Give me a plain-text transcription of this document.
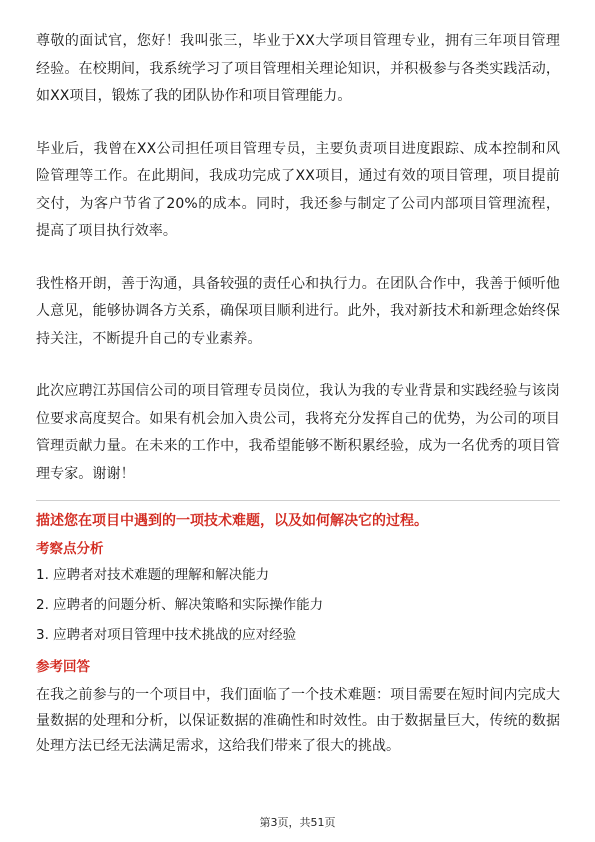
尊敬的面试官，您好！我叫张三，毕业于XX大学项目管理专业，拥有三年项目管理经验。在校期间，我系统学习了项目管理相关理论知识，并积极参与各类实践活动，如XX项目，锻炼了我的团队协作和项目管理能力。

毕业后，我曾在XX公司担任项目管理专员，主要负责项目进度跟踪、成本控制和风险管理等工作。在此期间，我成功完成了XX项目，通过有效的项目管理，项目提前交付，为客户节省了20%的成本。同时，我还参与制定了公司内部项目管理流程，提高了项目执行效率。

我性格开朗，善于沟通，具备较强的责任心和执行力。在团队合作中，我善于倾听他人意见，能够协调各方关系，确保项目顺利进行。此外，我对新技术和新理念始终保持关注，不断提升自己的专业素养。

此次应聘江苏国信公司的项目管理专员岗位，我认为我的专业背景和实践经验与该岗位要求高度契合。如果有机会加入贵公司，我将充分发挥自己的优势，为公司的项目管理贡献力量。在未来的工作中，我希望能够不断积累经验，成为一名优秀的项目管理专家。谢谢！

描述您在项目中遇到的一项技术难题，以及如何解决它的过程。
考察点分析
1. 应聘者对技术难题的理解和解决能力
2. 应聘者的问题分析、解决策略和实际操作能力
3. 应聘者对项目管理中技术挑战的应对经验
参考回答

在我之前参与的一个项目中，我们面临了一个技术难题：项目需要在短时间内完成大量数据的处理和分析，以保证数据的准确性和时效性。由于数据量巨大，传统的数据处理方法已经无法满足需求，这给我们带来了很大的挑战。

第3页，共51页
